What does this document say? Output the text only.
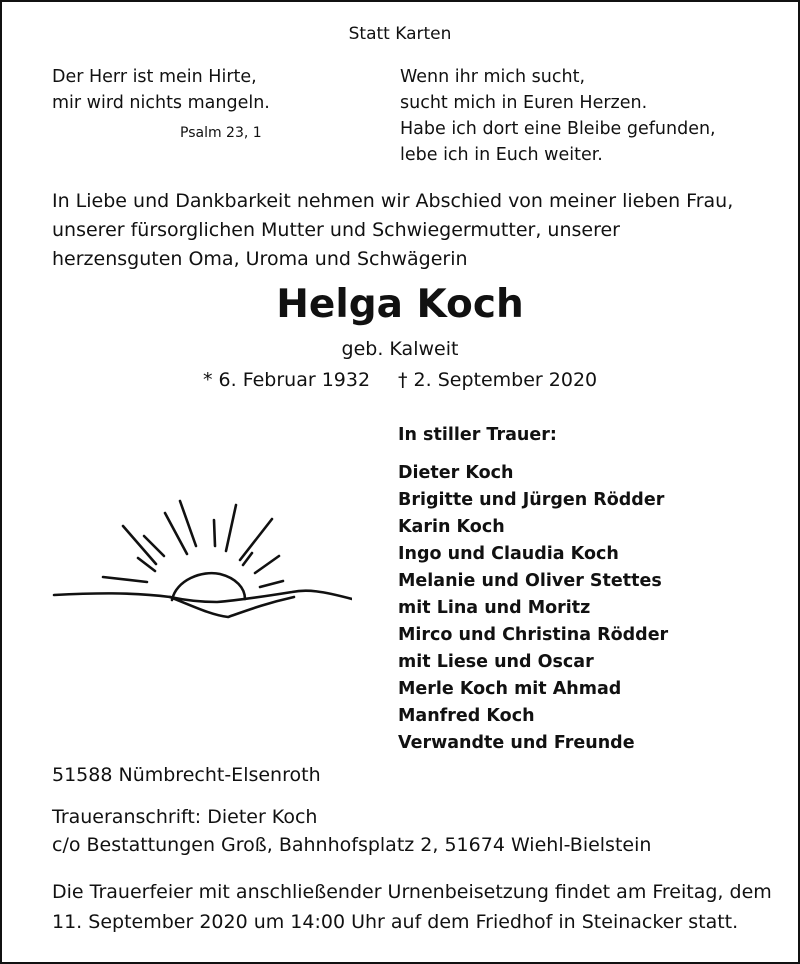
Statt Karten
Der Herr ist mein Hirte,
mir wird nichts mangeln.
Psalm 23, 1
Wenn ihr mich sucht,
sucht mich in Euren Herzen.
Habe ich dort eine Bleibe gefunden,
lebe ich in Euch weiter.
In Liebe und Dankbarkeit nehmen wir Abschied von meiner lieben Frau, unserer fürsorglichen Mutter und Schwiegermutter, unserer herzensguten Oma, Uroma und Schwägerin
Helga Koch
geb. Kalweit
* 6. Februar 1932 † 2. September 2020
In stiller Trauer:
Dieter Koch
Brigitte und Jürgen Rödder
Karin Koch
Ingo und Claudia Koch
Melanie und Oliver Stettes
mit Lina und Moritz
Mirco und Christina Rödder
mit Liese und Oscar
Merle Koch mit Ahmad
Manfred Koch
Verwandte und Freunde
51588 Nümbrecht-Elsenroth
Traueranschrift: Dieter Koch
c/o Bestattungen Groß, Bahnhofsplatz 2, 51674 Wiehl-Bielstein
Die Trauerfeier mit anschließender Urnenbeisetzung findet am Freitag, dem 11. September 2020 um 14:00 Uhr auf dem Friedhof in Steinacker statt.
